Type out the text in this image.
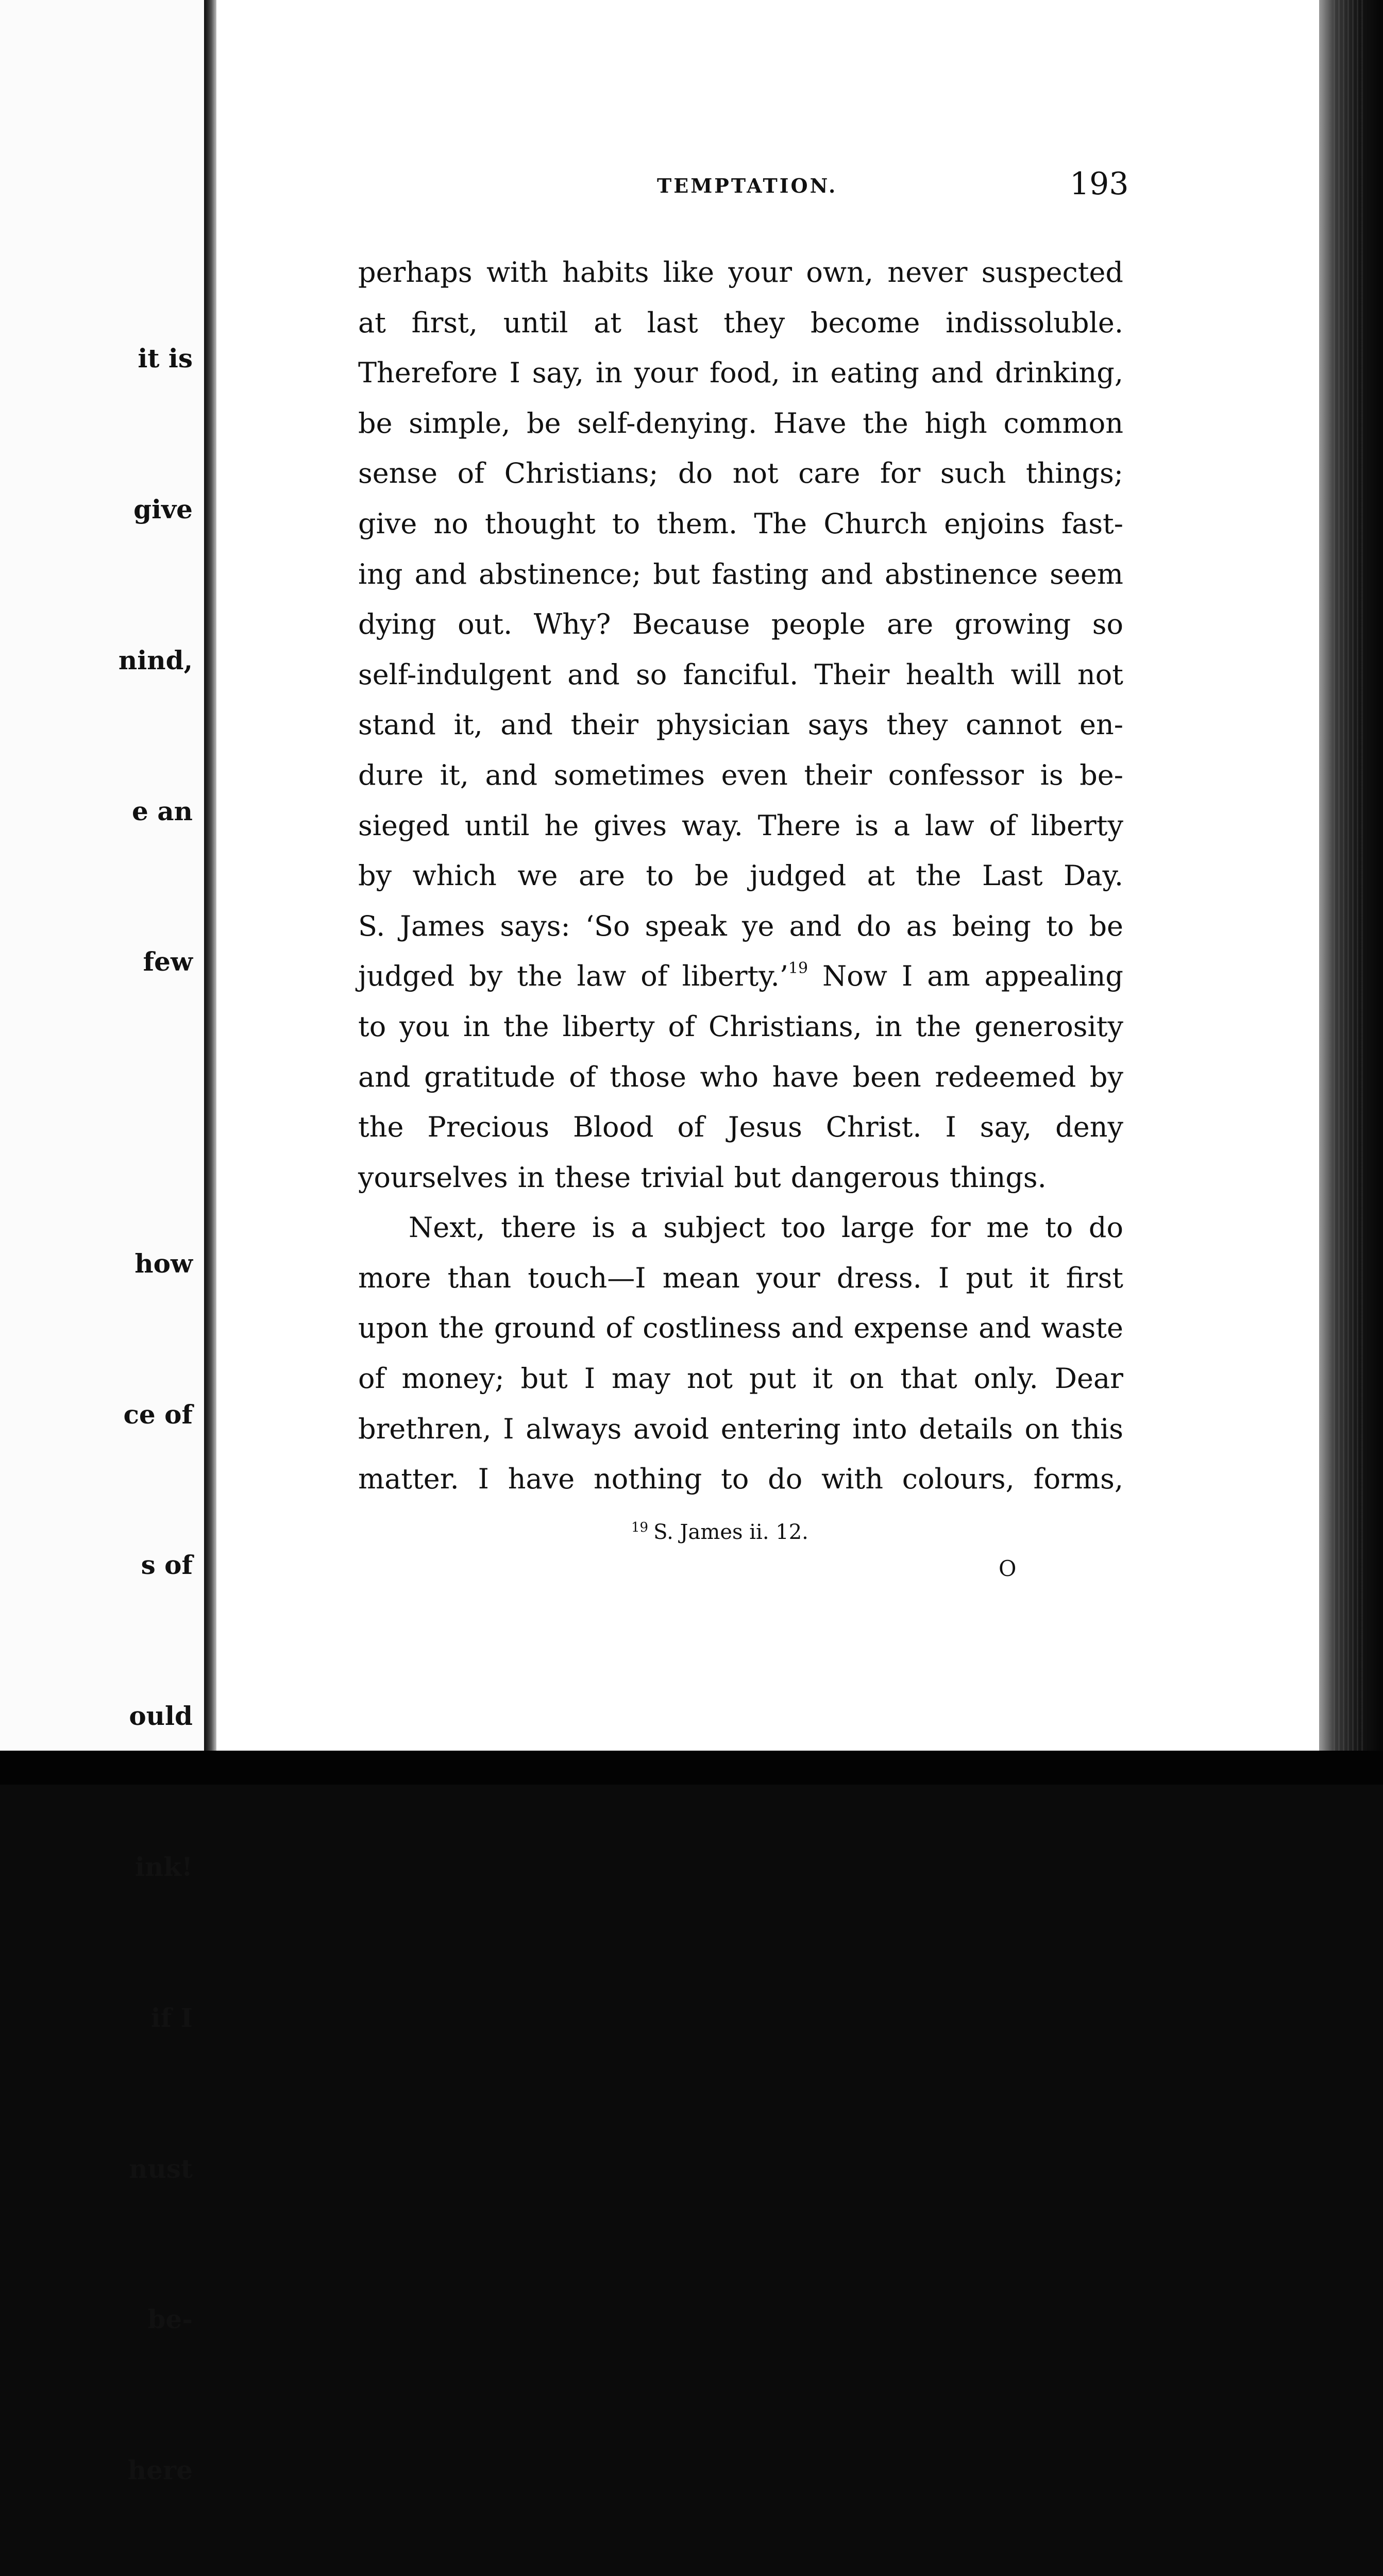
it is

give

nind,

e an

few

how

ce of

s of

ould

ink!

if I

nust

be-

here

TEMPTATION.	193
perhaps with habits like your own, never suspected
at first, until at last they become indissoluble.
Therefore I say, in your food, in eating and drinking,
be simple, be self-denying. Have the high common
sense of Christians; do not care for such things;
give no thought to them. The Church enjoins fast-
ing and abstinence; but fasting and abstinence seem
dying out. Why? Because people are growing so
self-indulgent and so fanciful. Their health will not
stand it, and their physician says they cannot en-
dure it, and sometimes even their confessor is be-
sieged until he gives way. There is a law of liberty
by which we are to be judged at the Last Day.
S. James says: ‘So speak ye and do as being to be
judged by the law of liberty.’$^{19}$ Now I am appealing
to you in the liberty of Christians, in the generosity
and gratitude of those who have been redeemed by
the Precious Blood of Jesus Christ. I say, deny
yourselves in these trivial but dangerous things.
Next, there is a subject too large for me to do
more than touch—I mean your dress. I put it first
upon the ground of costliness and expense and waste
of money; but I may not put it on that only. Dear
brethren, I always avoid entering into details on this
matter. I have nothing to do with colours, forms,
$^{19}$ S. James ii. 12.
O
